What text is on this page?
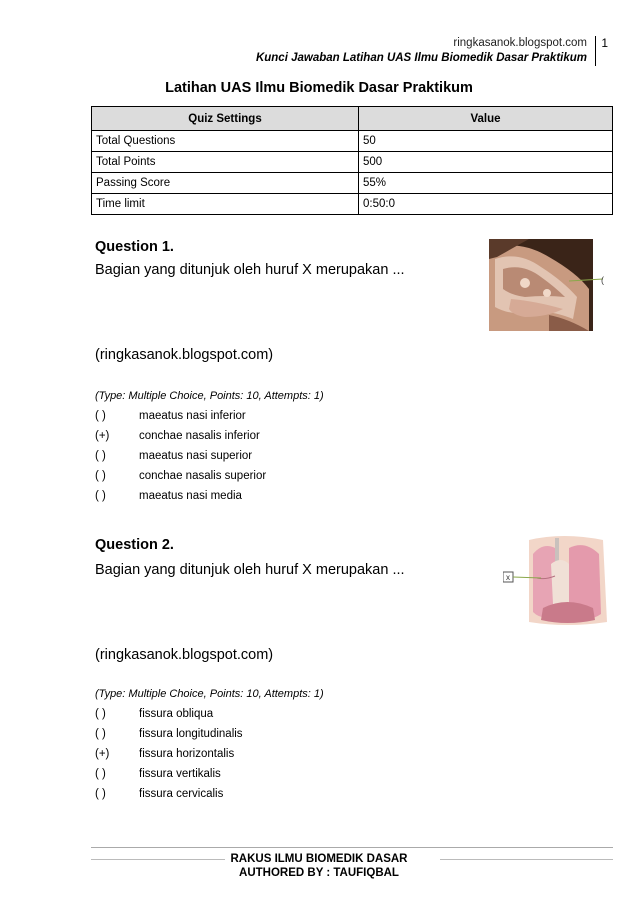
ringkasanok.blogspot.com
Kunci Jawaban Latihan UAS Ilmu Biomedik Dasar Praktikum
1
Latihan UAS Ilmu Biomedik Dasar Praktikum
Quiz Settings	Value
Total Questions	50
Total Points	500
Passing Score	55%
Time limit	0:50:0
Question 1.
Bagian yang ditunjuk oleh huruf X merupakan ...
(
(ringkasanok.blogspot.com)
(Type: Multiple Choice, Points: 10, Attempts: 1)
( )	maeatus nasi inferior
(+)	conchae nasalis inferior
( )	maeatus nasi superior
( )	conchae nasalis superior
( )	maeatus nasi media
Question 2.
Bagian yang ditunjuk oleh huruf X merupakan ...	x
(ringkasanok.blogspot.com)
(Type: Multiple Choice, Points: 10, Attempts: 1)
( )	fissura obliqua
( )	fissura longitudinalis
(+)	fissura horizontalis
( )	fissura vertikalis
( )	fissura cervicalis
RAKUS ILMU BIOMEDIK DASAR
AUTHORED BY : TAUFIQBAL
